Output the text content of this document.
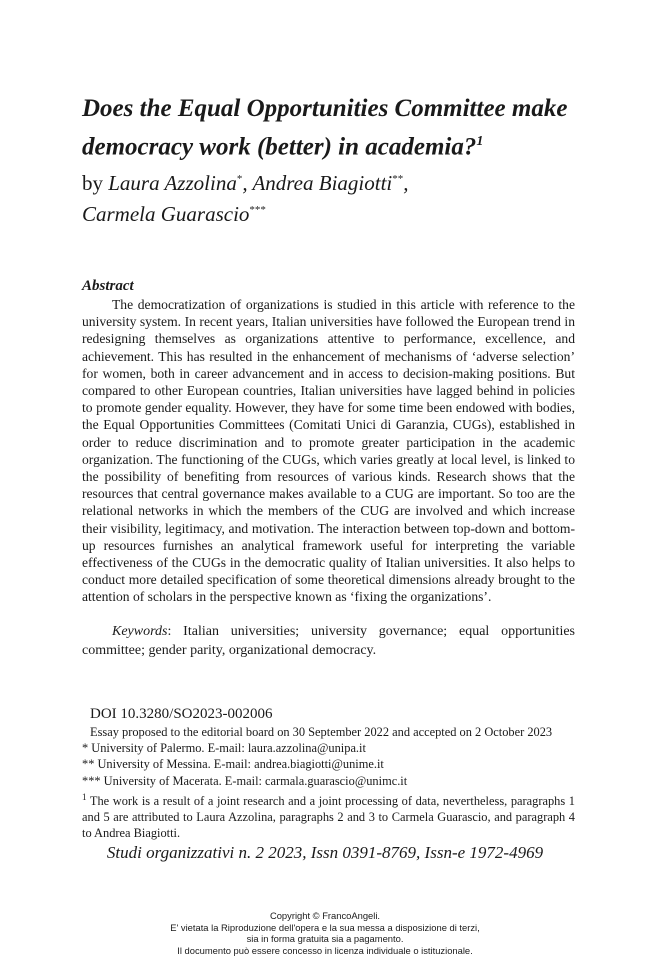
Does the Equal Opportunities Committee make democracy work (better) in academia?$^1$
by Laura Azzolina*, Andrea Biagiotti**,
Carmela Guarascio***
Abstract

The democratization of organizations is studied in this article with reference to the university system. In recent years, Italian universities have followed the European trend in redesigning themselves as organizations attentive to performance, excellence, and achievement. This has resulted in the enhancement of mechanisms of ‘adverse selection’ for women, both in career advancement and in access to decision-making positions. But compared to other European countries, Italian universities have lagged behind in policies to promote gender equality. However, they have for some time been endowed with bodies, the Equal Opportunities Committees (Comitati Unici di Garanzia, CUGs), established in order to reduce discrimination and to promote greater participation in the academic organization. The functioning of the CUGs, which varies greatly at local level, is linked to the possibility of benefiting from resources of various kinds. Research shows that the resources that central governance makes available to a CUG are important. So too are the relational networks in which the members of the CUG are involved and which increase their visibility, legitimacy, and motivation. The interaction between top-down and bottom-up resources furnishes an analytical framework useful for interpreting the variable effectiveness of the CUGs in the democratic quality of Italian universities. It also helps to conduct more detailed specification of some theoretical dimensions already brought to the attention of scholars in the perspective known as ‘fixing the organizations’.

Keywords: Italian universities; university governance; equal opportunities committee; gender parity, organizational democracy.

DOI 10.3280/SO2023-002006
Essay proposed to the editorial board on 30 September 2022 and accepted on 2 October 2023
* University of Palermo. E-mail: laura.azzolina@unipa.it
** University of Messina. E-mail: andrea.biagiotti@unime.it
*** University of Macerata. E-mail: carmala.guarascio@unimc.it
$^1$ The work is a result of a joint research and a joint processing of data, nevertheless, paragraphs 1 and 5 are attributed to Laura Azzolina, paragraphs 2 and 3 to Carmela Guarascio, and paragraph 4 to Andrea Biagiotti.
Studi organizzativi n. 2 2023, Issn 0391-8769, Issn-e 1972-4969
Copyright © FrancoAngeli.
E' vietata la Riproduzione dell'opera e la sua messa a disposizione di terzi,
sia in forma gratuita sia a pagamento.
Il documento può essere concesso in licenza individuale o istituzionale.
